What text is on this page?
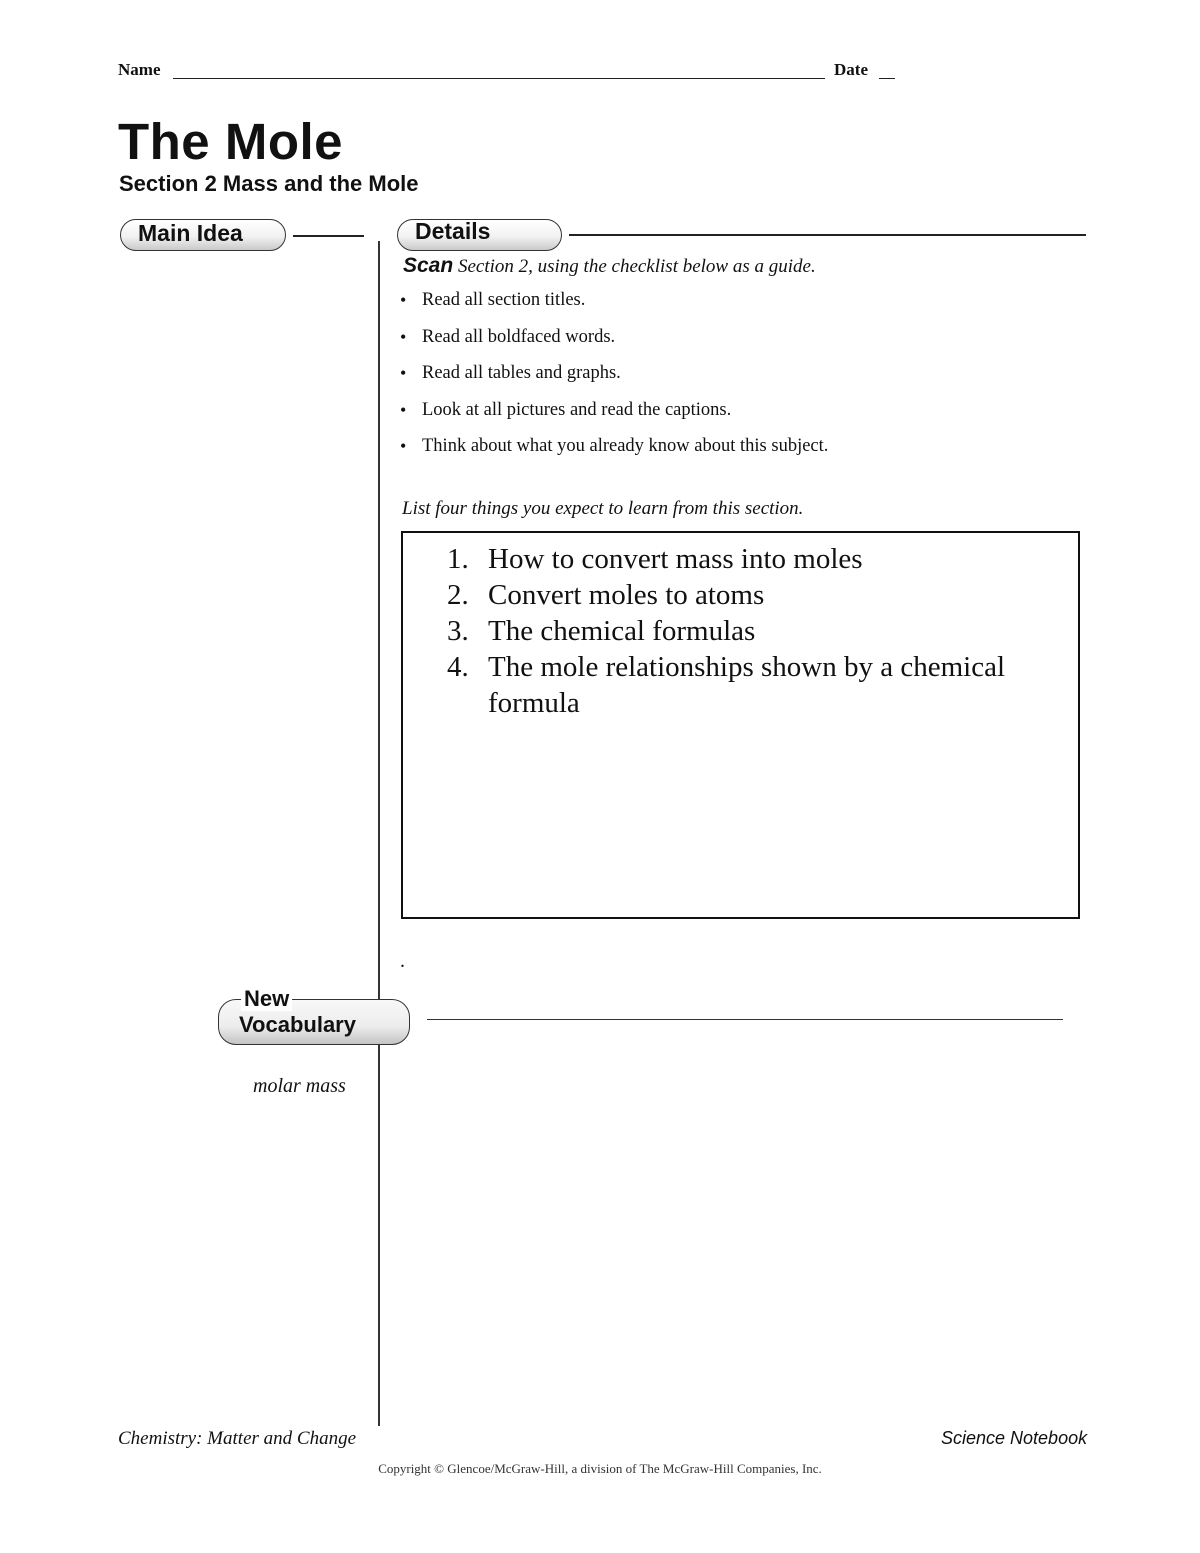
Name	Date
The Mole
Section 2 Mass and the Mole
Main Idea	Details
Scan Section 2, using the checklist below as a guide.
• Read all section titles.
• Read all boldfaced words.
• Read all tables and graphs.
• Look at all pictures and read the captions.
• Think about what you already know about this subject.
List four things you expect to learn from this section.
1. How to convert mass into moles
2. Convert moles to atoms
3. The chemical formulas
4. The mole relationships shown by a chemical formula
.
New
Vocabulary
molar mass
Chemistry: Matter and Change	Science Notebook
Copyright © Glencoe/McGraw-Hill, a division of The McGraw-Hill Companies, Inc.
